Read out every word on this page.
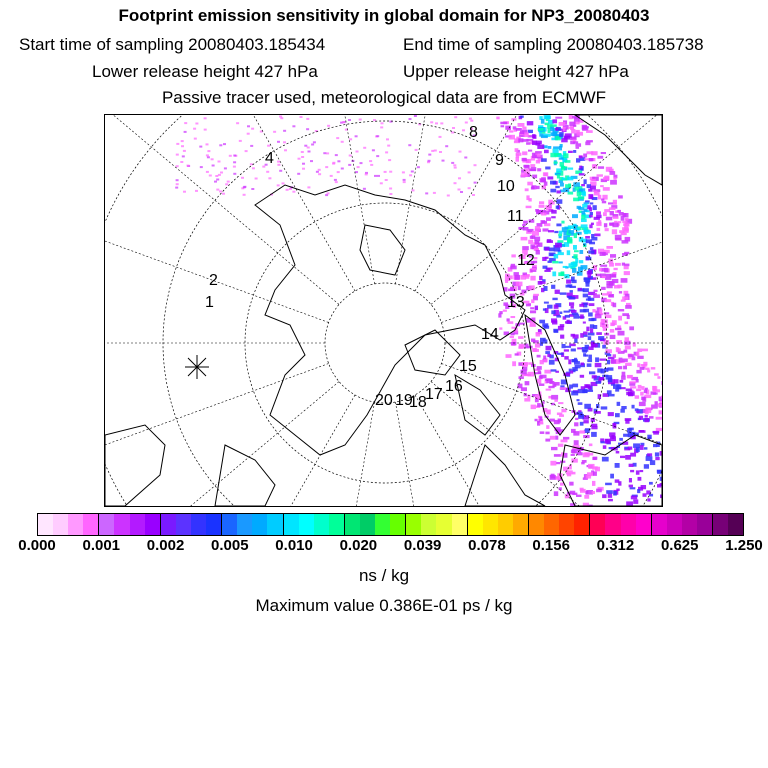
Footprint emission sensitivity in global domain for NP3_20080403
Start time of sampling 20080403.185434	End time of sampling 20080403.185738
Lower release height 427 hPa	Upper release height 427 hPa
Passive tracer used, meteorological data are from ECMWF
1
2
4
8
9
10
11
12
13
14
15
16
17
18
19
20
0.000 0.001 0.002 0.005 0.010 0.020 0.039 0.078 0.156 0.312 0.625 1.250
ns / kg
Maximum value 0.386E-01 ps / kg
